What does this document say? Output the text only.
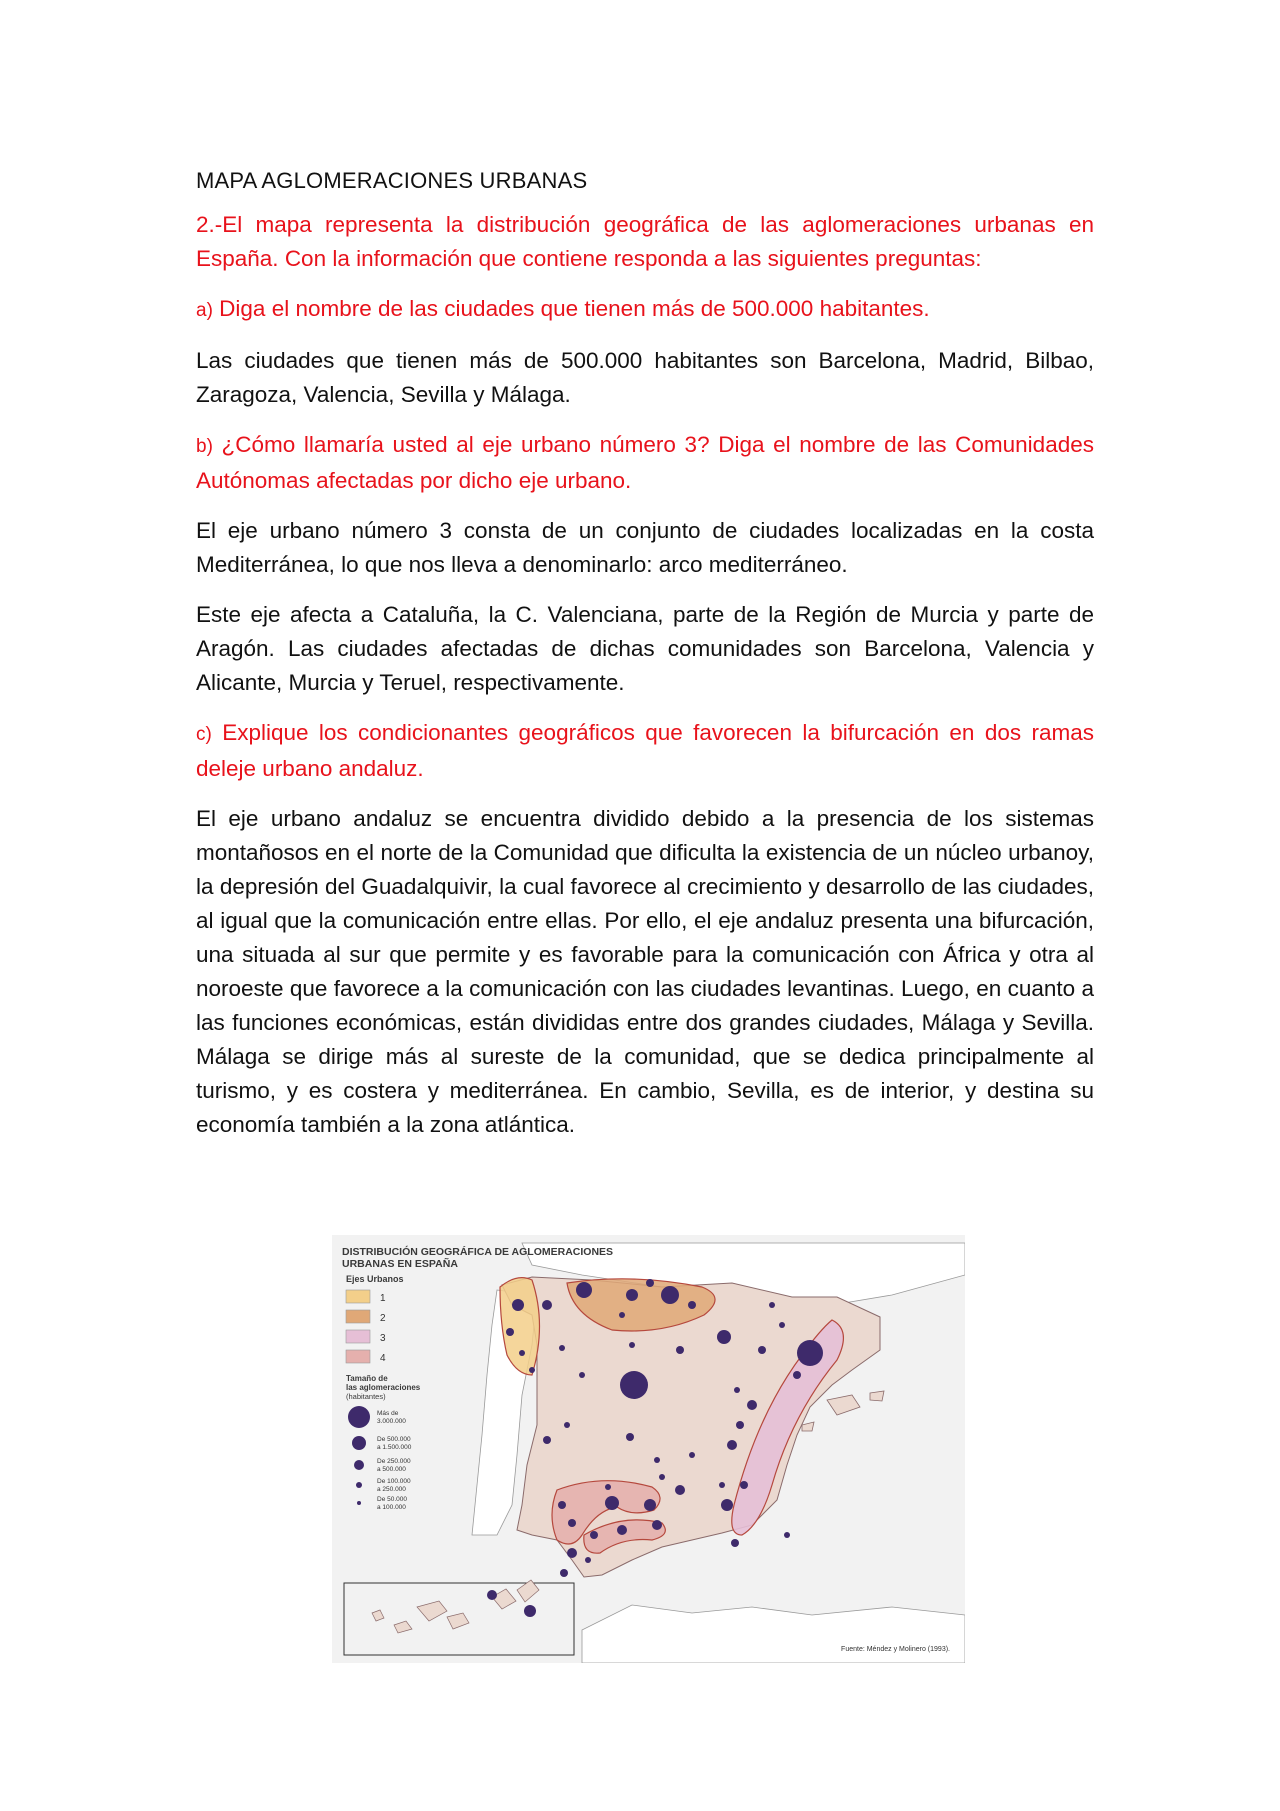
MAPA AGLOMERACIONES URBANAS

2.-El mapa representa la distribución geográfica de las aglomeraciones urbanas en España. Con la información que contiene responda a las siguientes preguntas:

a) Diga el nombre de las ciudades que tienen más de 500.000 habitantes.

Las ciudades que tienen más de 500.000 habitantes son Barcelona, Madrid, Bilbao, Zaragoza, Valencia, Sevilla y Málaga.

b) ¿Cómo llamaría usted al eje urbano número 3? Diga el nombre de las Comunidades Autónomas afectadas por dicho eje urbano.

El eje urbano número 3 consta de un conjunto de ciudades localizadas en la costa Mediterránea, lo que nos lleva a denominarlo: arco mediterráneo.

Este eje afecta a Cataluña, la C. Valenciana, parte de la Región de Murcia y parte de Aragón. Las ciudades afectadas de dichas comunidades son Barcelona, Valencia y Alicante, Murcia y Teruel, respectivamente.

c) Explique los condicionantes geográficos que favorecen la bifurcación en dos ramas deleje urbano andaluz.

El eje urbano andaluz se encuentra dividido debido a la presencia de los sistemas montañosos en el norte de la Comunidad que dificulta la existencia de un núcleo urbanoy, la depresión del Guadalquivir, la cual favorece al crecimiento y desarrollo de las ciudades, al igual que la comunicación entre ellas. Por ello, el eje andaluz presenta una bifurcación, una situada al sur que permite y es favorable para la comunicación con África y otra al noroeste que favorece a la comunicación con las ciudades levantinas. Luego, en cuanto a las funciones económicas, están divididas entre dos grandes ciudades, Málaga y Sevilla. Málaga se dirige más al sureste de la comunidad, que se dedica principalmente al turismo, y es costera y mediterránea. En cambio, Sevilla, es de interior, y destina su economía también a la zona atlántica.

DISTRIBUCIÓN GEOGRÁFICA DE AGLOMERACIONES
URBANAS EN ESPAÑA
Ejes Urbanos
1
2
3
4
Tamaño de
las aglomeraciones
(habitantes)
Más de
3.000.000
De 500.000
a 1.500.000
De 250.000
a 500.000
De 100.000
a 250.000
De 50.000
a 100.000
Fuente: Méndez y Molinero (1993).
